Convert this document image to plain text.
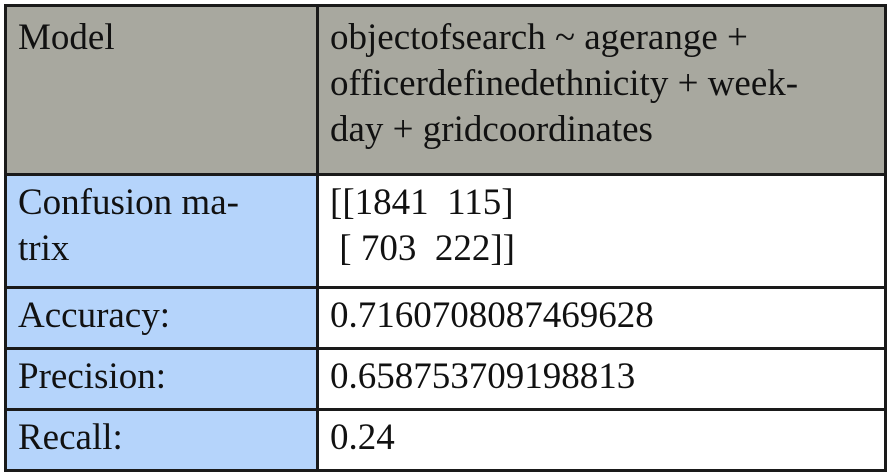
Model	objectofsearch ~ agerange +
officerdefinedethnicity + week-
day + gridcoordinates

Confusion ma-
trix	[[1841  115]
[ 703  222]]

Accuracy:	0.7160708087469628
Precision:	0.658753709198813
Recall:	0.24
